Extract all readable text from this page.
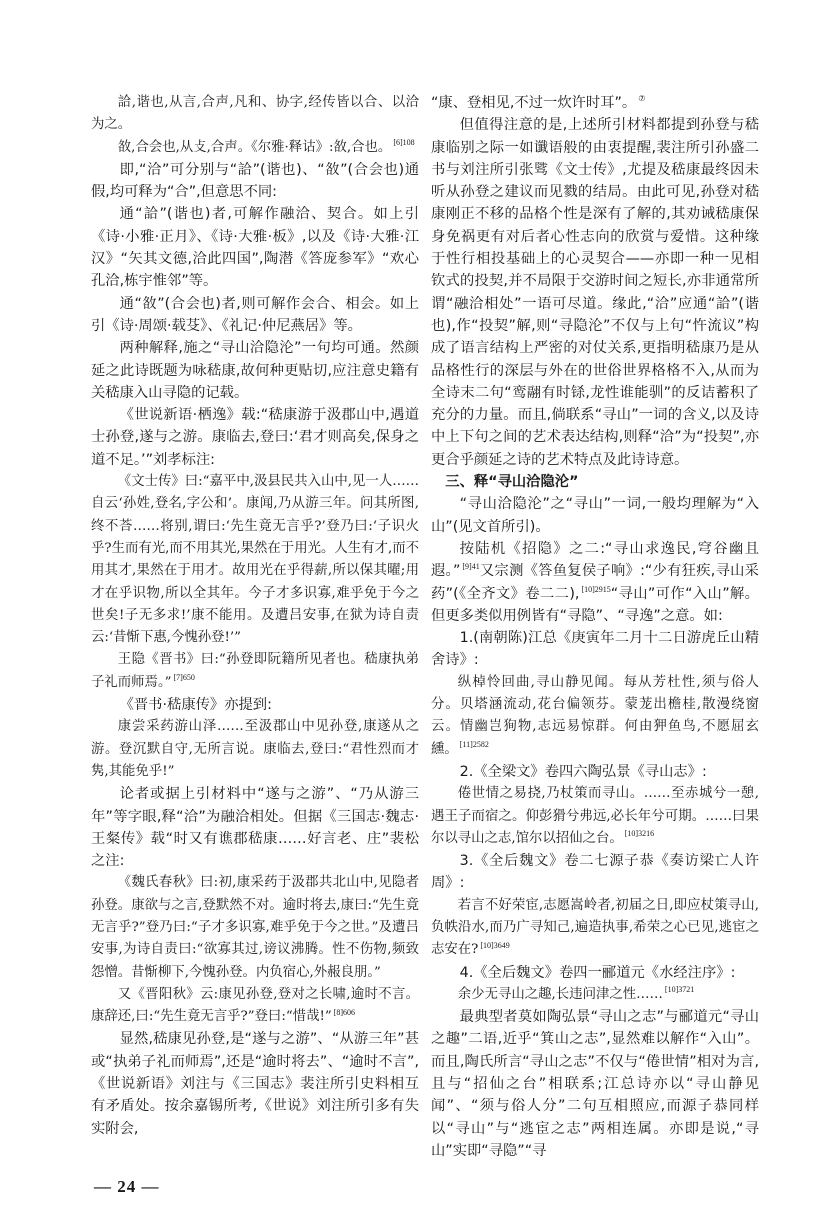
詥,谐也,从言,合声,凡和、协字,经传皆以合、以洽为之。

敋,合会也,从攴,合声。《尔雅·释诂》:敋,合也。 $^{[6]108}$

即,“洽”可分别与“詥”(谐也)、“敋”(合会也)通假,均可释为“合”,但意思不同:

通“詥”(谐也)者,可解作融洽、契合。如上引《诗·小雅·正月》、《诗·大雅·板》,以及《诗·大雅·江汉》“矢其文德,洽此四国”,陶潜《答庞参军》“欢心孔洽,栋宇惟邻”等。

通“敋”(合会也)者,则可解作会合、相会。如上引《诗·周颂·载芟》、《礼记·仲尼燕居》等。

两种解释,施之“寻山洽隐沦”一句均可通。然颜延之此诗既题为咏嵇康,故何种更贴切,应注意史籍有关嵇康入山寻隐的记载。

《世说新语·栖逸》载:“嵇康游于汲郡山中,遇道士孙登,遂与之游。康临去,登曰:‘君才则高矣,保身之道不足。’”刘孝标注:

《文士传》曰:“嘉平中,汲县民共入山中,见一人……自云‘孙姓,登名,字公和’。康闻,乃从游三年。问其所图,终不荅……将别,谓曰:‘先生竟无言乎?’登乃曰:‘子识火乎?生而有光,而不用其光,果然在于用光。人生有才,而不用其才,果然在于用才。故用光在乎得薪,所以保其曜;用才在乎识物,所以全其年。今子才多识寡,难乎免于今之世矣!子无多求!’康不能用。及遭吕安事,在狱为诗自责云:‘昔惭下惠,今愧孙登!’”

王隐《晋书》曰:“孙登即阮籍所见者也。嵇康执弟子礼而师焉。” $^{[7]650}$

《晋书·嵇康传》亦提到:

康尝采药游山泽……至汲郡山中见孙登,康遂从之游。登沉默自守,无所言说。康临去,登曰:“君性烈而才隽,其能免乎!”

论者或据上引材料中“遂与之游”、“乃从游三年”等字眼,释“洽”为融洽相处。但据《三国志·魏志·王粲传》载“时又有谯郡嵇康……好言老、庄”裴松之注:

《魏氏春秋》曰:初,康采药于汲郡共北山中,见隐者孙登。康欲与之言,登默然不对。逾时将去,康曰:“先生竟无言乎?”登乃曰:“子才多识寡,难乎免于今之世。”及遭吕安事,为诗自责曰:“欲寡其过,谤议沸腾。性不伤物,频致怨憎。昔惭柳下,今愧孙登。内负宿心,外赧良朋。”

又《晋阳秋》云:康见孙登,登对之长啸,逾时不言。康辞还,曰:“先生竟无言乎?”登曰:“惜哉!” $^{[8]606}$

显然,嵇康见孙登,是“遂与之游”、“从游三年”甚或“执弟子礼而师焉”,还是“逾时将去”、“逾时不言”,《世说新语》刘注与《三国志》裴注所引史料相互有矛盾处。按余嘉锡所考,《世说》刘注所引多有失实附会,

“康、登相见,不过一炊许时耳”。 ⑦

但值得注意的是,上述所引材料都提到孙登与嵇康临别之际一如谶语般的由衷提醒,裴注所引孙盛二书与刘注所引张骘《文士传》,尤提及嵇康最终因未听从孙登之建议而见戮的结局。由此可见,孙登对嵇康刚正不移的品格个性是深有了解的,其劝诫嵇康保身免祸更有对后者心性志向的欣赏与爱惜。这种缘于性行相投基础上的心灵契合——亦即一种一见相钦式的投契,并不局限于交游时间之短长,亦非通常所谓“融洽相处”一语可尽道。缘此,“洽”应通“詥”(谐也),作“投契”解,则“寻隐沦”不仅与上句“忤流议”构成了语言结构上严密的对仗关系,更指明嵇康乃是从品格性行的深层与外在的世俗世界格格不入,从而为全诗末二句“鸾翮有时铩,龙性谁能驯”的反诘蓄积了充分的力量。而且,倘联系“寻山”一词的含义,以及诗中上下句之间的艺术表达结构,则释“洽”为“投契”,亦更合乎颜延之诗的艺术特点及此诗诗意。

三、释“寻山洽隐沦”

“寻山洽隐沦”之“寻山”一词,一般均理解为“入山”(见文首所引)。

按陆机《招隐》之二:“寻山求逸民,穹谷幽且遐。” $^{[9]41}$又宗测《答鱼复侯子响》:“少有狂疾,寻山采药”(《全齐文》卷二二), $^{[10]2915}$“寻山”可作“入山”解。但更多类似用例皆有“寻隐”、“寻逸”之意。如:

1.(南朝陈)江总《庚寅年二月十二日游虎丘山精舍诗》:

纵棹怜回曲,寻山静见闻。每从芳杜性,须与俗人分。贝塔涵流动,花台偏领芬。蒙茏出檐桂,散漫绕窗云。情幽岂狥物,志远易惊群。何由狎鱼鸟,不愿屈玄纁。 $^{[11]2582}$

2.《全梁文》卷四六陶弘景《寻山志》:

倦世情之易挠,乃杖策而寻山。……至赤城兮一憩,遇王子而宿之。仰彭猾兮弗远,必长年兮可期。……曰果尔以寻山之志,馆尔以招仙之台。 $^{[10]3216}$

3.《全后魏文》卷二七源子恭《奏访梁亡人许周》:

若言不好荣宦,志愿嵩岭者,初届之日,即应杖策寻山,负帙沿水,而乃广寻知己,遍造执事,希荣之心已见,逃宦之志安在? $^{[10]3649}$

4.《全后魏文》卷四一郦道元《水经注序》:

余少无寻山之趣,长违问津之性…… $^{[10]3721}$

最典型者莫如陶弘景“寻山之志”与郦道元“寻山之趣”二语,近乎“箕山之志”,显然难以解作“入山”。而且,陶氏所言“寻山之志”不仅与“倦世情”相对为言,且与“招仙之台”相联系;江总诗亦以“寻山静见闻”、“须与俗人分”二句互相照应,而源子恭同样以“寻山”与“逃宦之志”两相连属。亦即是说,“寻山”实即“寻隐”“寻

— 24 —
